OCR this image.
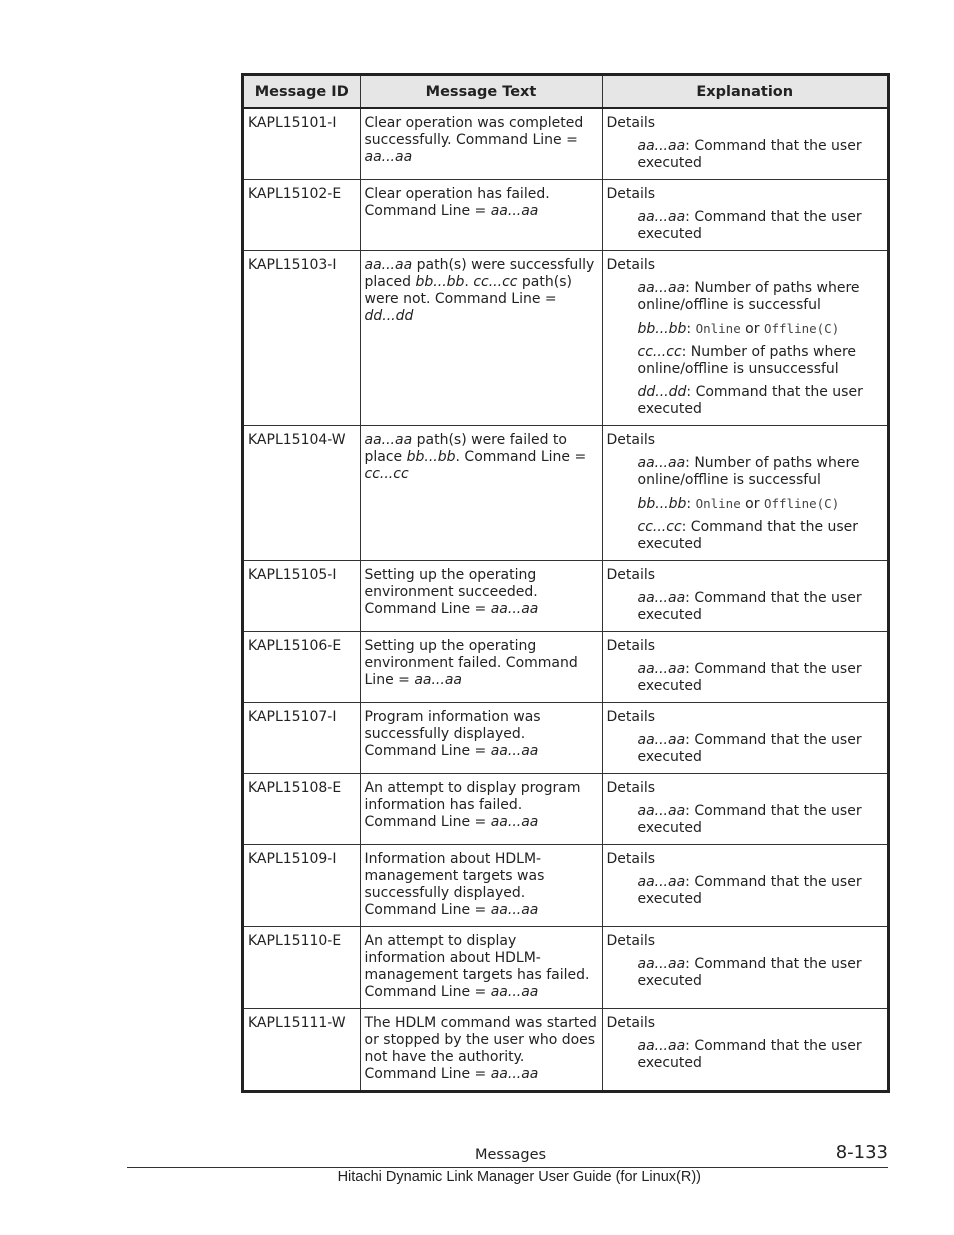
Message ID	Message Text	Explanation
KAPL15101-I	Clear operation was completed successfully. Command Line = aa...aa	Details
aa...aa: Command that the user executed

KAPL15102-E	Clear operation has failed. Command Line = aa...aa	Details
aa...aa: Command that the user executed

KAPL15103-I	aa...aa path(s) were successfully placed bb...bb. cc...cc path(s) were not. Command Line = dd...dd	Details
aa...aa: Number of paths where online/offline is successful
bb...bb: Online or Offline(C)
cc...cc: Number of paths where online/offline is unsuccessful
dd...dd: Command that the user executed

KAPL15104-W	aa...aa path(s) were failed to place bb...bb. Command Line = cc...cc	Details
aa...aa: Number of paths where online/offline is successful
bb...bb: Online or Offline(C)
cc...cc: Command that the user executed

KAPL15105-I	Setting up the operating environment succeeded. Command Line = aa...aa	Details
aa...aa: Command that the user executed

KAPL15106-E	Setting up the operating environment failed. Command Line = aa...aa	Details
aa...aa: Command that the user executed

KAPL15107-I	Program information was successfully displayed. Command Line = aa...aa	Details
aa...aa: Command that the user executed

KAPL15108-E	An attempt to display program information has failed. Command Line = aa...aa	Details
aa...aa: Command that the user executed

KAPL15109-I	Information about HDLM-management targets was successfully displayed. Command Line = aa...aa	Details
aa...aa: Command that the user executed

KAPL15110-E	An attempt to display information about HDLM-management targets has failed. Command Line = aa...aa	Details
aa...aa: Command that the user executed

KAPL15111-W	The HDLM command was started or stopped by the user who does not have the authority. Command Line = aa...aa	Details
aa...aa: Command that the user executed
Messages	8-133
Hitachi Dynamic Link Manager User Guide (for Linux(R))
